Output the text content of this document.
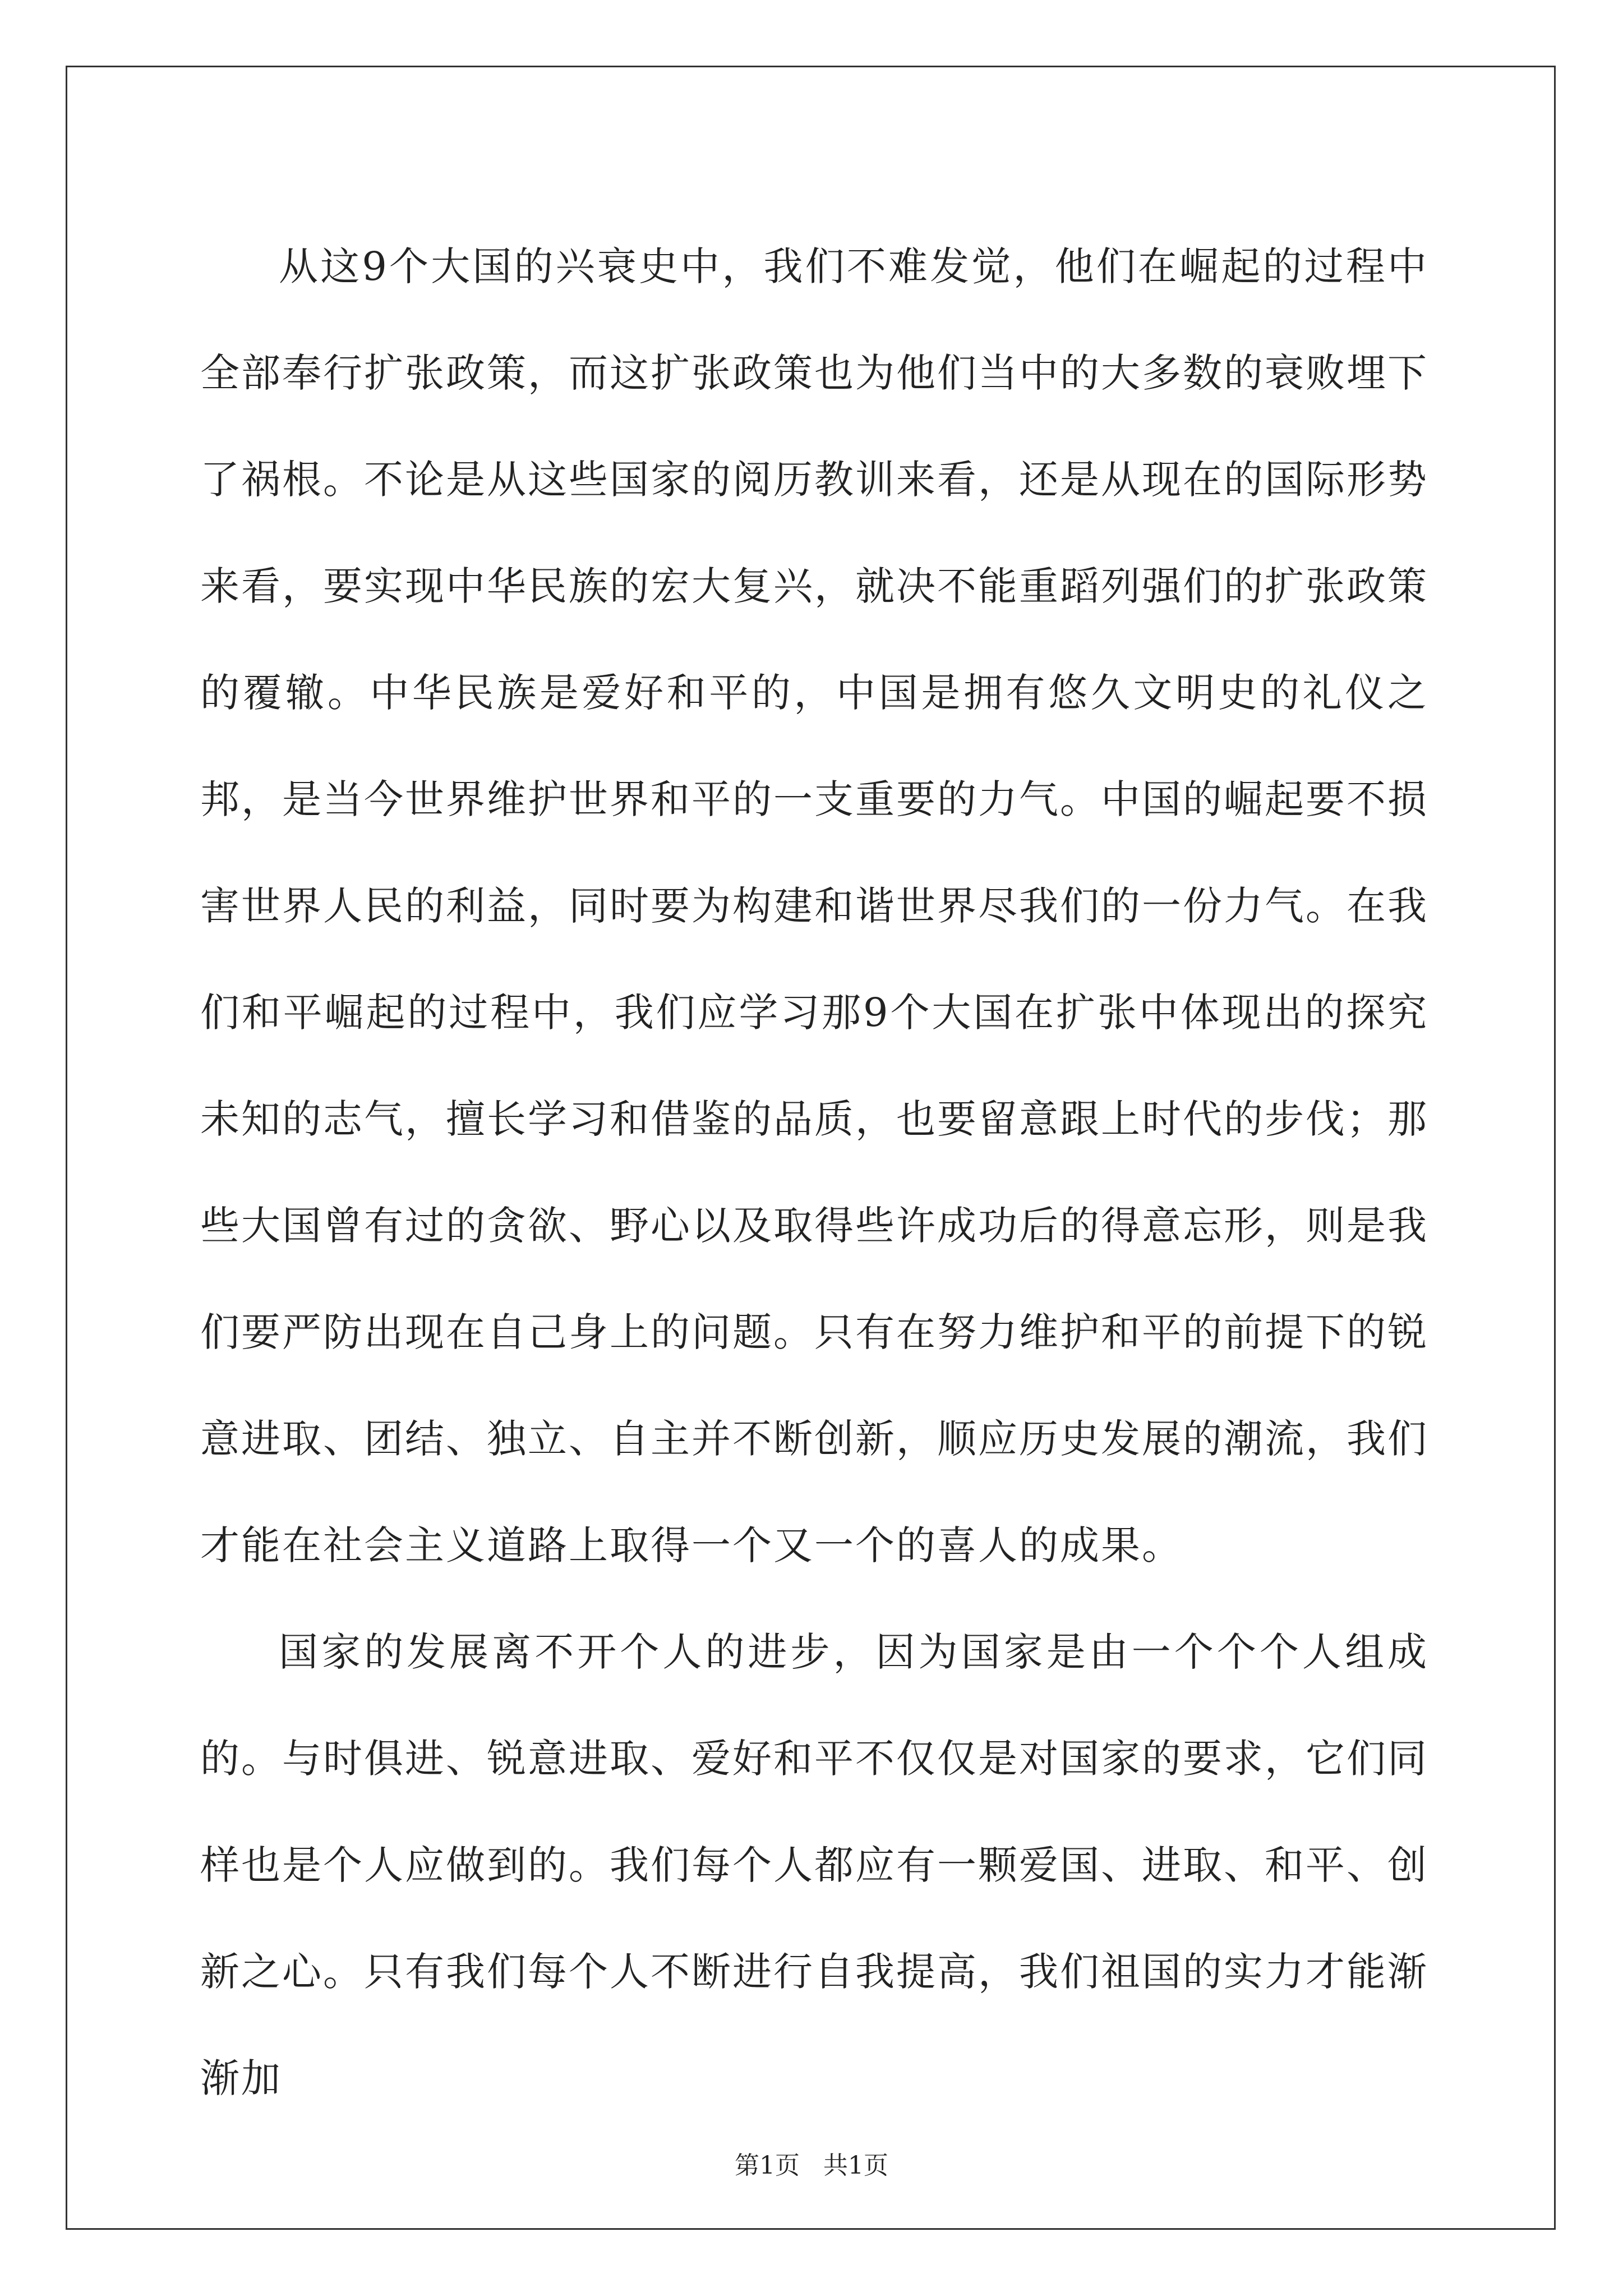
从这9个大国的兴衰史中，我们不难发觉，他们在崛起的过程中全部奉行扩张政策，而这扩张政策也为他们当中的大多数的衰败埋下了祸根。不论是从这些国家的阅历教训来看，还是从现在的国际形势来看，要实现中华民族的宏大复兴，就决不能重蹈列强们的扩张政策的覆辙。中华民族是爱好和平的，中国是拥有悠久文明史的礼仪之邦，是当今世界维护世界和平的一支重要的力气。中国的崛起要不损害世界人民的利益，同时要为构建和谐世界尽我们的一份力气。在我们和平崛起的过程中，我们应学习那9个大国在扩张中体现出的探究未知的志气，擅长学习和借鉴的品质，也要留意跟上时代的步伐；那些大国曾有过的贪欲、野心以及取得些许成功后的得意忘形，则是我们要严防出现在自己身上的问题。只有在努力维护和平的前提下的锐意进取、团结、独立、自主并不断创新，顺应历史发展的潮流，我们才能在社会主义道路上取得一个又一个的喜人的成果。

国家的发展离不开个人的进步，因为国家是由一个个个人组成的。与时俱进、锐意进取、爱好和平不仅仅是对国家的要求，它们同样也是个人应做到的。我们每个人都应有一颗爱国、进取、和平、创新之心。只有我们每个人不断进行自我提高，我们祖国的实力才能渐渐加

第1页   共1页
